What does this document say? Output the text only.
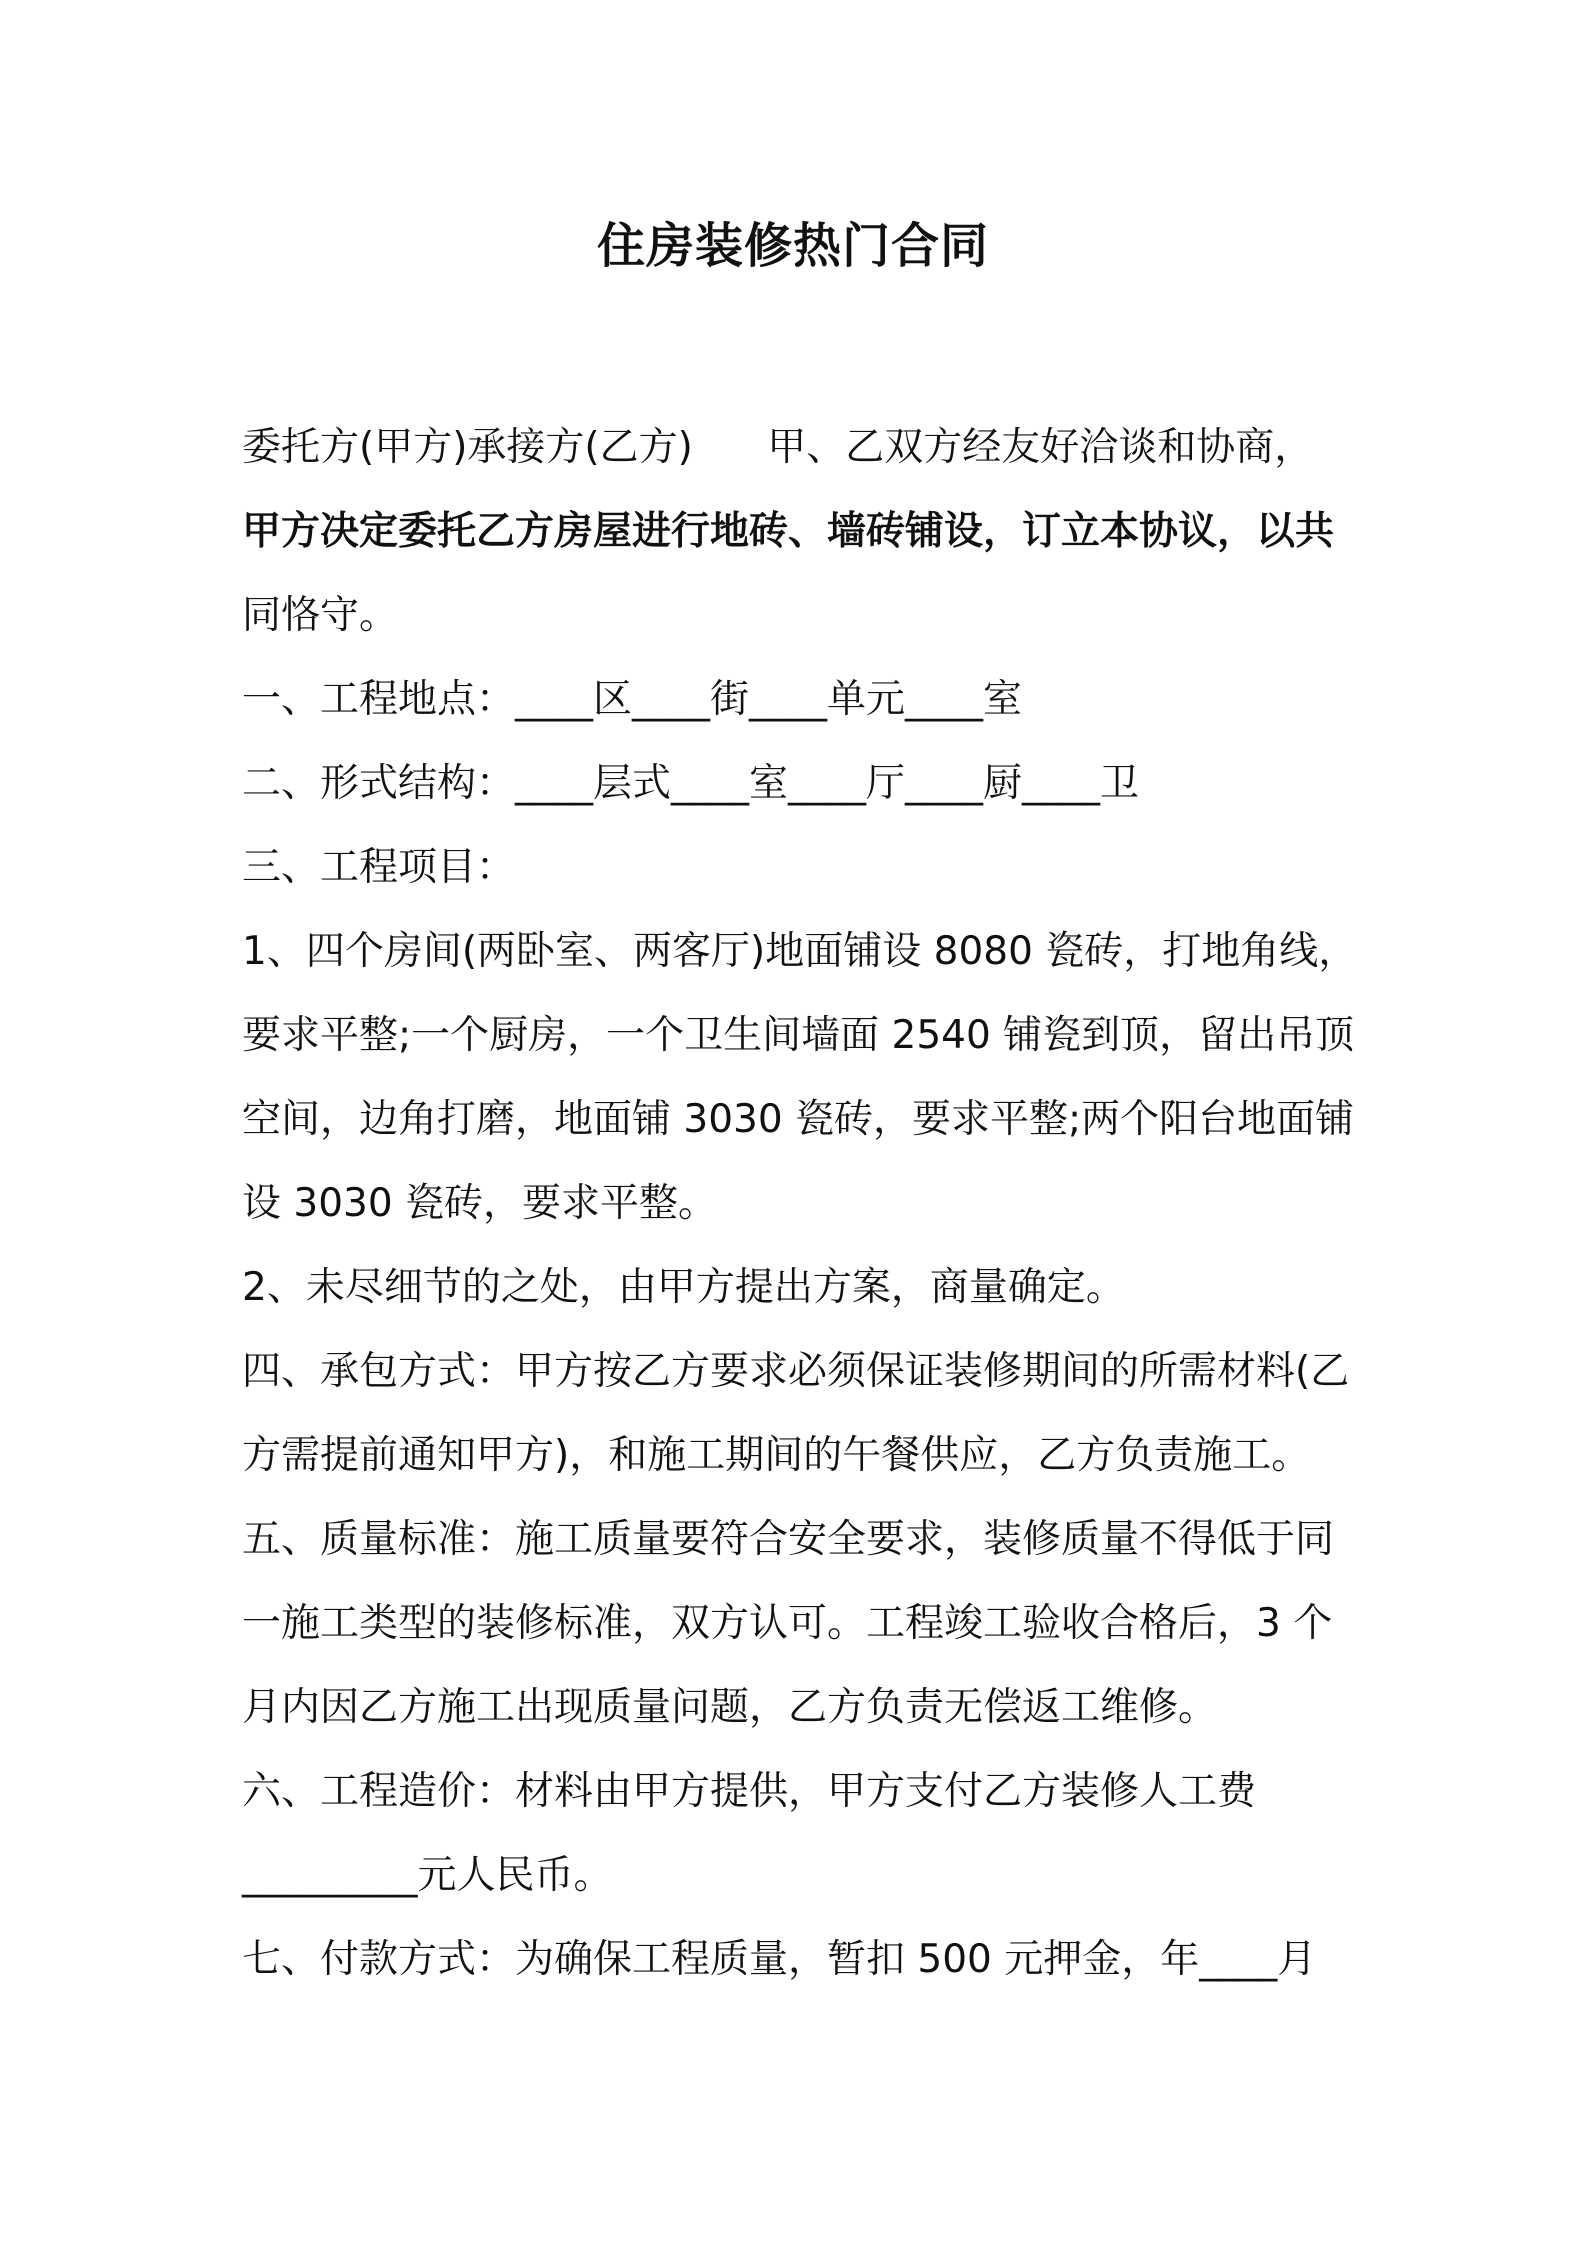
住房装修热门合同
委托方(甲方)承接方(乙方)      甲、乙双方经友好洽谈和协商，
甲方决定委托乙方房屋进行地砖、墙砖铺设，订立本协议，以共
同恪守。
一、工程地点：____区____街____单元____室
二、形式结构：____层式____室____厅____厨____卫
三、工程项目：
1、四个房间(两卧室、两客厅)地面铺设 8080 瓷砖，打地角线，
要求平整;一个厨房，一个卫生间墙面 2540 铺瓷到顶，留出吊顶
空间，边角打磨，地面铺 3030 瓷砖，要求平整;两个阳台地面铺
设 3030 瓷砖，要求平整。
2、未尽细节的之处，由甲方提出方案，商量确定。
四、承包方式：甲方按乙方要求必须保证装修期间的所需材料(乙
方需提前通知甲方)，和施工期间的午餐供应，乙方负责施工。
五、质量标准：施工质量要符合安全要求，装修质量不得低于同
一施工类型的装修标准，双方认可。工程竣工验收合格后，3 个
月内因乙方施工出现质量问题，乙方负责无偿返工维修。
六、工程造价：材料由甲方提供，甲方支付乙方装修人工费
_________元人民币。
七、付款方式：为确保工程质量，暂扣 500 元押金，年____月
